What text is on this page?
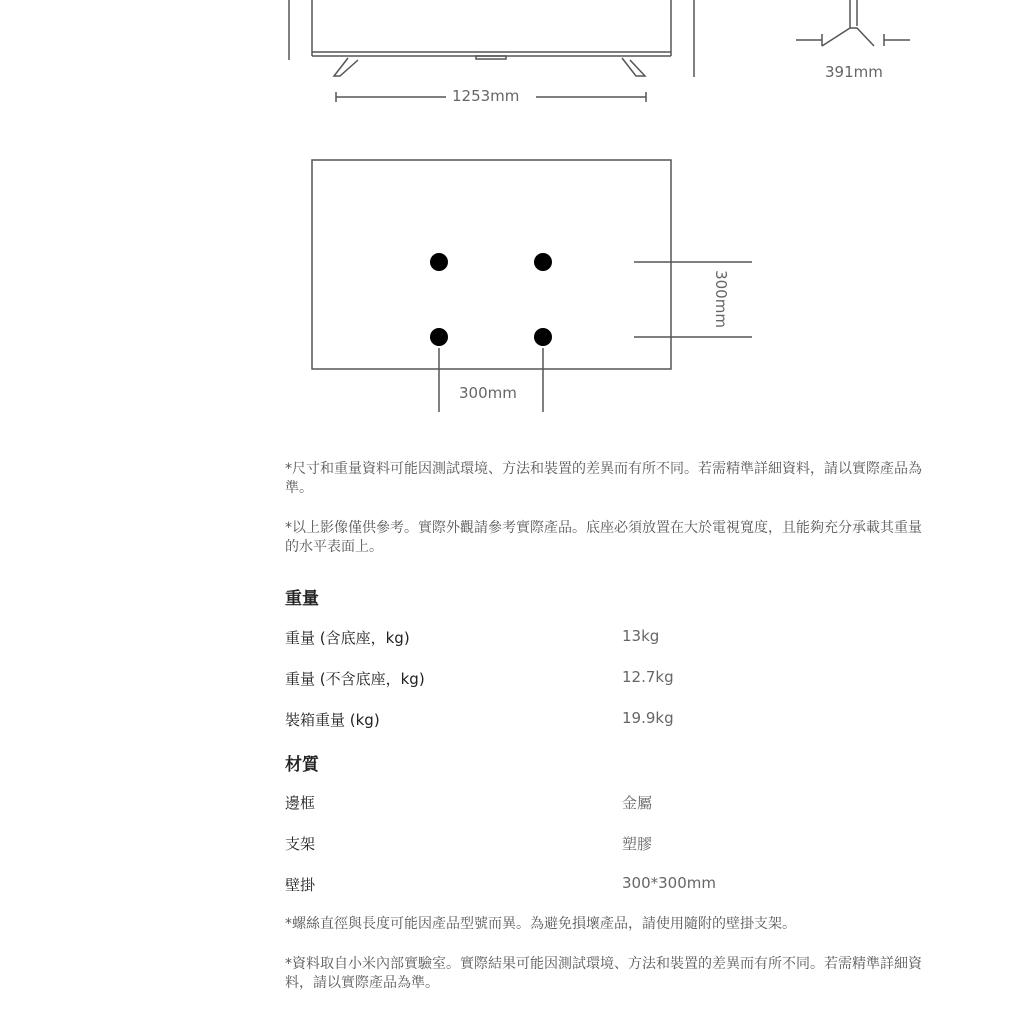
1253mm
391mm
300mm
300mm

*尺寸和重量資料可能因測試環境、方法和裝置的差異而有所不同。若需精準詳細資料，請以實際產品為準。

*以上影像僅供參考。實際外觀請參考實際產品。底座必須放置在大於電視寬度，且能夠充分承載其重量的水平表面上。

重量
重量 (含底座，kg)	13kg
重量 (不含底座，kg)	12.7kg
裝箱重量 (kg)	19.9kg
材質
邊框	金屬
支架	塑膠
壁掛	300*300mm

*螺絲直徑與長度可能因產品型號而異。為避免損壞產品，請使用隨附的壁掛支架。

*資料取自小米內部實驗室。實際結果可能因測試環境、方法和裝置的差異而有所不同。若需精準詳細資料，請以實際產品為準。
